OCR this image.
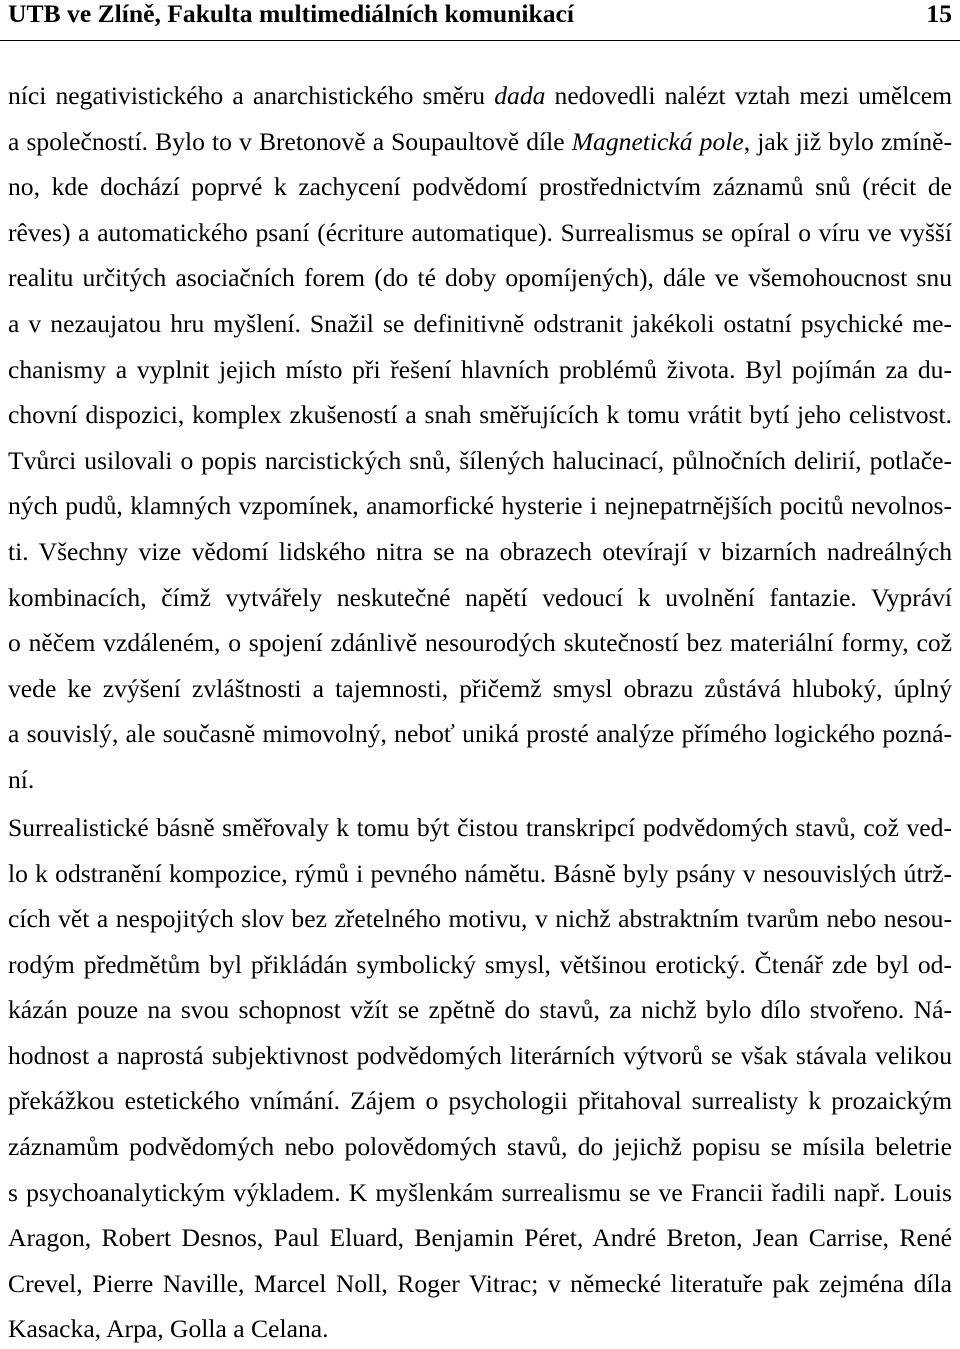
UTB ve Zlíně, Fakulta multimediálních komunikací	15
níci negativistického a anarchistického směru dada nedovedli nalézt vztah mezi umělcem
a společností. Bylo to v Bretonově a Soupaultově díle Magnetická pole, jak již bylo zmíně-
no, kde dochází poprvé k zachycení podvědomí prostřednictvím záznamů snů (récit de
rêves) a automatického psaní (écriture automatique). Surrealismus se opíral o víru ve vyšší
realitu určitých asociačních forem (do té doby opomíjených), dále ve všemohoucnost snu
a v nezaujatou hru myšlení. Snažil se definitivně odstranit jakékoli ostatní psychické me-
chanismy a vyplnit jejich místo při řešení hlavních problémů života. Byl pojímán za du-
chovní dispozici, komplex zkušeností a snah směřujících k tomu vrátit bytí jeho celistvost.
Tvůrci usilovali o popis narcistických snů, šílených halucinací, půlnočních delirií, potlače-
ných pudů, klamných vzpomínek, anamorfické hysterie i nejnepatrnějších pocitů nevolnos-
ti. Všechny vize vědomí lidského nitra se na obrazech otevírají v bizarních nadreálných
kombinacích, čímž vytvářely neskutečné napětí vedoucí k uvolnění fantazie. Vypráví
o něčem vzdáleném, o spojení zdánlivě nesourodých skutečností bez materiální formy, což
vede ke zvýšení zvláštnosti a tajemnosti, přičemž smysl obrazu zůstává hluboký, úplný
a souvislý, ale současně mimovolný, neboť uniká prosté analýze přímého logického pozná-
ní.
Surrealistické básně směřovaly k tomu být čistou transkripcí podvědomých stavů, což ved-
lo k odstranění kompozice, rýmů i pevného námětu. Básně byly psány v nesouvislých útrž-
cích vět a nespojitých slov bez zřetelného motivu, v nichž abstraktním tvarům nebo nesou-
rodým předmětům byl přikládán symbolický smysl, většinou erotický. Čtenář zde byl od-
kázán pouze na svou schopnost vžít se zpětně do stavů, za nichž bylo dílo stvořeno. Ná-
hodnost a naprostá subjektivnost podvědomých literárních výtvorů se však stávala velikou
překážkou estetického vnímání. Zájem o psychologii přitahoval surrealisty k prozaickým
záznamům podvědomých nebo polovědomých stavů, do jejichž popisu se mísila beletrie
s psychoanalytickým výkladem. K myšlenkám surrealismu se ve Francii řadili např. Louis
Aragon, Robert Desnos, Paul Eluard, Benjamin Péret, André Breton, Jean Carrise, René
Crevel, Pierre Naville, Marcel Noll, Roger Vitrac; v německé literatuře pak zejména díla
Kasacka, Arpa, Golla a Celana.
